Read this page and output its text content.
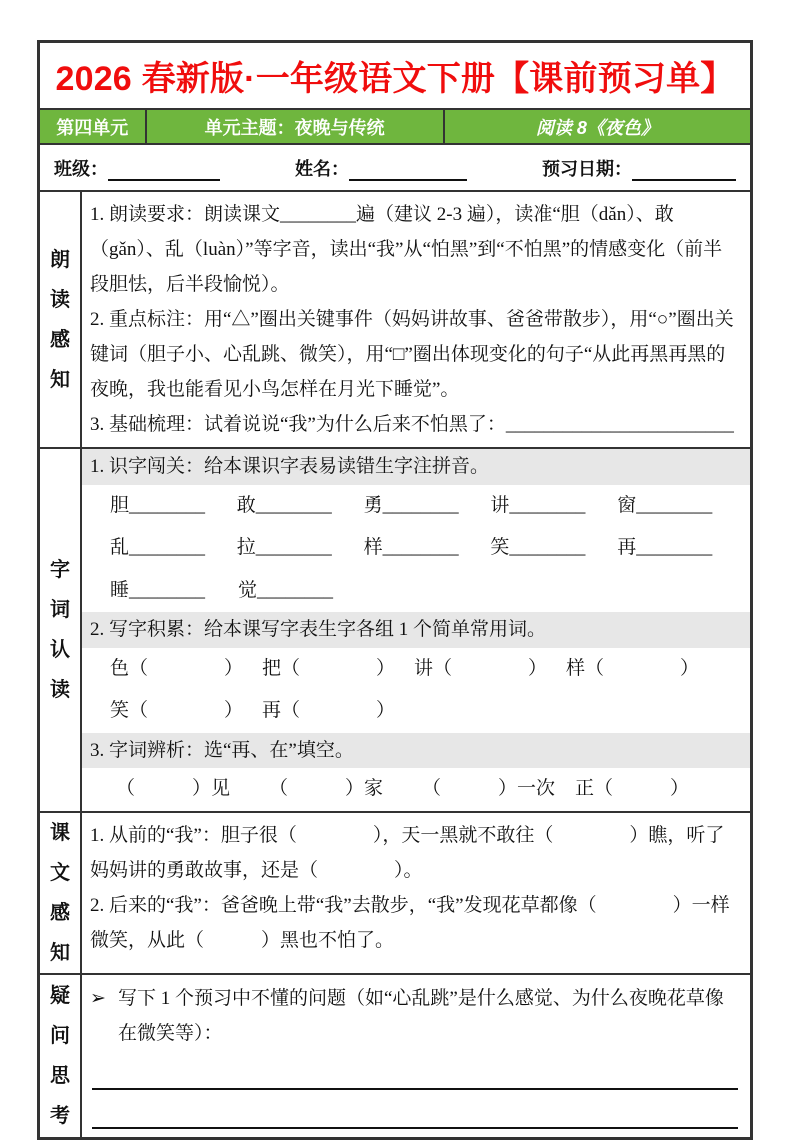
2026 春新版·一年级语文下册【课前预习单】
第四单元	单元主题：夜晚与传统	阅读 8《夜色》
班级：	姓名：	预习日期：
朗读感知
1. 朗读要求：朗读课文________遍（建议 2-3 遍），读准“胆（dǎn）、敢（gǎn）、乱（luàn）”等字音，读出“我”从“怕黑”到“不怕黑”的情感变化（前半段胆怯，后半段愉悦）。
2. 重点标注：用“△”圈出关键事件（妈妈讲故事、爸爸带散步），用“○”圈出关键词（胆子小、心乱跳、微笑），用“□”圈出体现变化的句子“从此再黑再黑的夜晚，我也能看见小鸟怎样在月光下睡觉”。
3. 基础梳理：试着说说“我”为什么后来不怕黑了：________________________
字词认读
1. 识字闯关：给本课识字表易读错生字注拼音。
胆________	敢________	勇________	讲________	窗________
乱________	拉________	样________	笑________	再________
睡________	觉________
2. 写字积累：给本课写字表生字各组 1 个简单常用词。
色（　　　　） 把（　　　　） 讲（　　　　） 样（　　　　）
笑（　　　　） 再（　　　　）
3. 字词辨析：选“再、在”填空。
（　　　）见	（　　　）家	（　　　）一次	正（　　　）
课文感知
1. 从前的“我”：胆子很（　　　　），天一黑就不敢往（　　　　）瞧，听了妈妈讲的勇敢故事，还是（　　　　）。
2. 后来的“我”：爸爸晚上带“我”去散步，“我”发现花草都像（　　　　）一样微笑，从此（　　　）黑也不怕了。
疑问思考
➢ 写下 1 个预习中不懂的问题（如“心乱跳”是什么感觉、为什么夜晚花草像在微笑等）：
